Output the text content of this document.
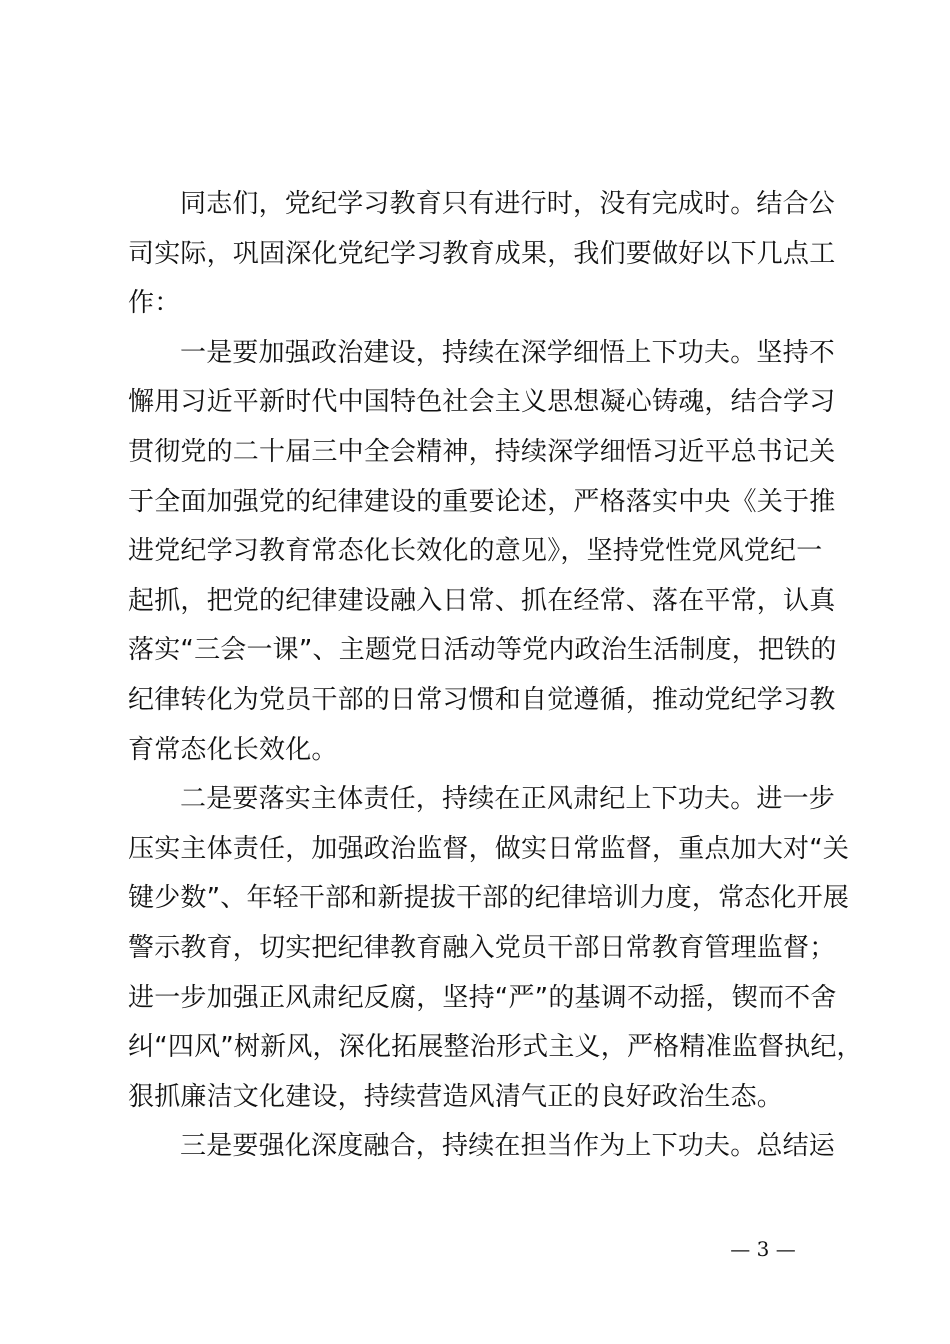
同志们，党纪学习教育只有进行时，没有完成时。结合公
司实际，巩固深化党纪学习教育成果，我们要做好以下几点工
作：
一是要加强政治建设，持续在深学细悟上下功夫。坚持不
懈用习近平新时代中国特色社会主义思想凝心铸魂，结合学习
贯彻党的二十届三中全会精神，持续深学细悟习近平总书记关
于全面加强党的纪律建设的重要论述，严格落实中央《关于推
进党纪学习教育常态化长效化的意见》，坚持党性党风党纪一
起抓，把党的纪律建设融入日常、抓在经常、落在平常，认真
落实“三会一课”、主题党日活动等党内政治生活制度，把铁的
纪律转化为党员干部的日常习惯和自觉遵循，推动党纪学习教
育常态化长效化。
二是要落实主体责任，持续在正风肃纪上下功夫。进一步
压实主体责任，加强政治监督，做实日常监督，重点加大对“关
键少数”、年轻干部和新提拔干部的纪律培训力度，常态化开展
警示教育，切实把纪律教育融入党员干部日常教育管理监督；
进一步加强正风肃纪反腐，坚持“严”的基调不动摇，锲而不舍
纠“四风”树新风，深化拓展整治形式主义，严格精准监督执纪，
狠抓廉洁文化建设，持续营造风清气正的良好政治生态。
三是要强化深度融合，持续在担当作为上下功夫。总结运
— 3 —
